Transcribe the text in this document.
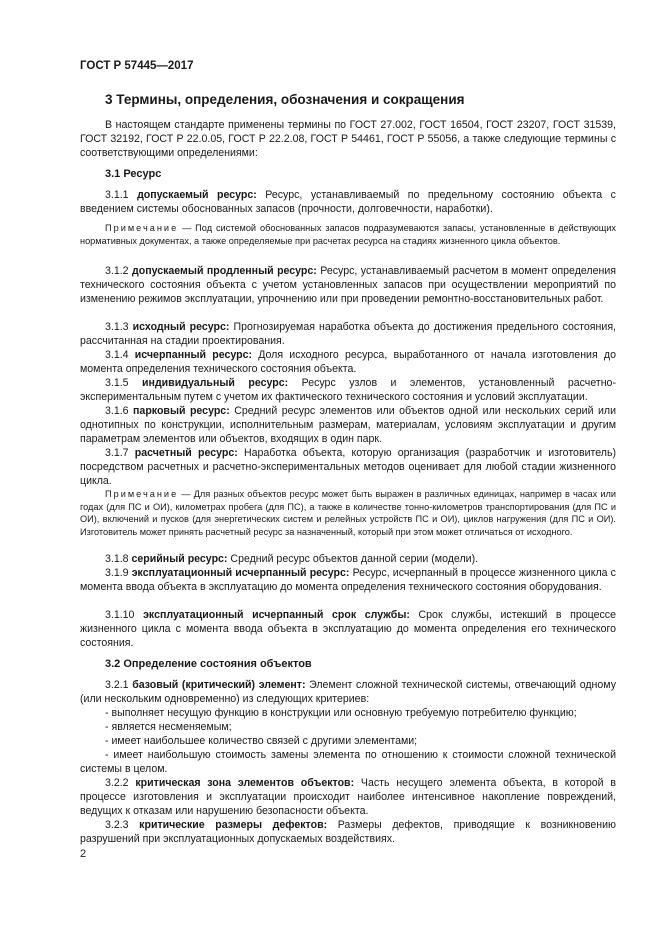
ГОСТ Р 57445—2017
3 Термины, определения, обозначения и сокращения

В настоящем стандарте применены термины по ГОСТ 27.002, ГОСТ 16504, ГОСТ 23207, ГОСТ 31539, ГОСТ 32192, ГОСТ Р 22.0.05, ГОСТ Р 22.2.08, ГОСТ Р 54461, ГОСТ Р 55056, а также следующие термины с соответствующими определениями:

3.1 Ресурс

3.1.1 допускаемый ресурс: Ресурс, устанавливаемый по предельному состоянию объекта с введением системы обоснованных запасов (прочности, долговечности, наработки).

Примечание — Под системой обоснованных запасов подразумеваются запасы, установленные в действующих нормативных документах, а также определяемые при расчетах ресурса на стадиях жизненного цикла объектов.

3.1.2 допускаемый продленный ресурс: Ресурс, устанавливаемый расчетом в момент определения технического состояния объекта с учетом установленных запасов при осуществлении мероприятий по изменению режимов эксплуатации, упрочнению или при проведении ремонтно-восстановительных работ.

3.1.3 исходный ресурс: Прогнозируемая наработка объекта до достижения предельного состояния, рассчитанная на стадии проектирования.

3.1.4 исчерпанный ресурс: Доля исходного ресурса, выработанного от начала изготовления до момента определения технического состояния объекта.

3.1.5 индивидуальный ресурс: Ресурс узлов и элементов, установленный расчетно-экспериментальным путем с учетом их фактического технического состояния и условий эксплуатации.

3.1.6 парковый ресурс: Средний ресурс элементов или объектов одной или нескольких серий или однотипных по конструкции, исполнительным размерам, материалам, условиям эксплуатации и другим параметрам элементов или объектов, входящих в один парк.

3.1.7 расчетный ресурс: Наработка объекта, которую организация (разработчик и изготовитель) посредством расчетных и расчетно-экспериментальных методов оценивает для любой стадии жизненного цикла.

Примечание — Для разных объектов ресурс может быть выражен в различных единицах, например в часах или годах (для ПС и ОИ), километрах пробега (для ПС), а также в количестве тонно-километров транспортирования (для ПС и ОИ), включений и пусков (для энергетических систем и релейных устройств ПС и ОИ), циклов нагружения (для ПС и ОИ). Изготовитель может принять расчетный ресурс за назначенный, который при этом может отличаться от исходного.

3.1.8 серийный ресурс: Средний ресурс объектов данной серии (модели).

3.1.9 эксплуатационный исчерпанный ресурс: Ресурс, исчерпанный в процессе жизненного цикла с момента ввода объекта в эксплуатацию до момента определения технического состояния оборудования.

3.1.10 эксплуатационный исчерпанный срок службы: Срок службы, истекший в процессе жизненного цикла с момента ввода объекта в эксплуатацию до момента определения его технического состояния.

3.2 Определение состояния объектов

3.2.1 базовый (критический) элемент: Элемент сложной технической системы, отвечающий одному (или нескольким одновременно) из следующих критериев:

- выполняет несущую функцию в конструкции или основную требуемую потребителю функцию;

- является несменяемым;

- имеет наибольшее количество связей с другими элементами;

- имеет наибольшую стоимость замены элемента по отношению к стоимости сложной технической системы в целом.

3.2.2 критическая зона элементов объектов: Часть несущего элемента объекта, в которой в процессе изготовления и эксплуатации происходит наиболее интенсивное накопление повреждений, ведущих к отказам или нарушению безопасности объекта.

3.2.3 критические размеры дефектов: Размеры дефектов, приводящие к возникновению разрушений при эксплуатационных допускаемых воздействиях.

2
